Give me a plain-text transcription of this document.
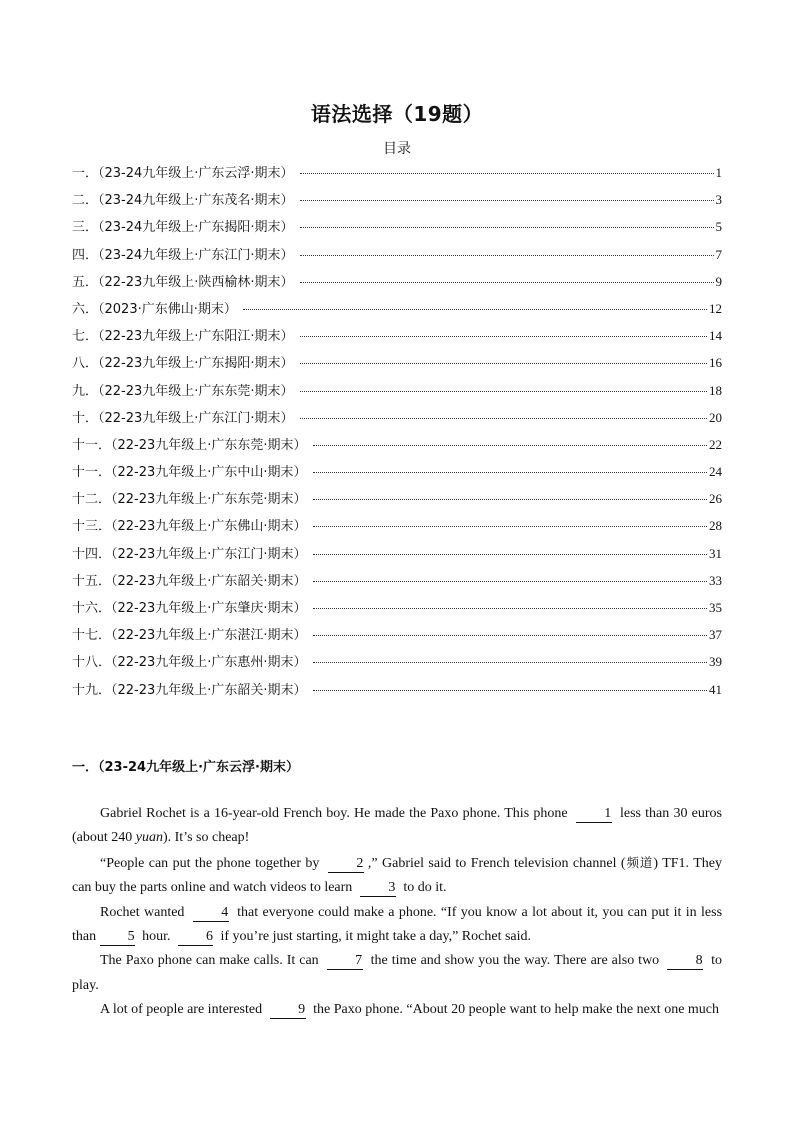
语法选择（19题）
目录
一．（23-24九年级上·广东云浮·期末）	1
二．（23-24九年级上·广东茂名·期末）	3
三．（23-24九年级上·广东揭阳·期末）	5
四．（23-24九年级上·广东江门·期末）	7
五．（22-23九年级上·陕西榆林·期末）	9
六．（2023·广东佛山·期末）	12
七．（22-23九年级上·广东阳江·期末）	14
八．（22-23九年级上·广东揭阳·期末）	16
九．（22-23九年级上·广东东莞·期末）	18
十．（22-23九年级上·广东江门·期末）	20
十一．（22-23九年级上·广东东莞·期末）	22
十一．（22-23九年级上·广东中山·期末）	24
十二．（22-23九年级上·广东东莞·期末）	26
十三．（22-23九年级上·广东佛山·期末）	28
十四．（22-23九年级上·广东江门·期末）	31
十五．（22-23九年级上·广东韶关·期末）	33
十六．（22-23九年级上·广东肇庆·期末）	35
十七．（22-23九年级上·广东湛江·期末）	37
十八．（22-23九年级上·广东惠州·期末）	39
十九．（22-23九年级上·广东韶关·期末）	41
一．（23-24九年级上·广东云浮·期末）

Gabriel Rochet is a 16-year-old French boy. He made the Paxo phone. This phone	1 less than 30 euros (about 240 yuan). It’s so cheap!

“People can put the phone together by	2 ,” Gabriel said to French television channel (频道) TF1. They can buy the parts online and watch videos to learn	3 to do it.

Rochet wanted	4 that everyone could make a phone. “If you know a lot about it, you can put it in less than 5 hour.	6 if you’re just starting, it might take a day,” Rochet said.

The Paxo phone can make calls. It can	7 the time and show you the way. There are also two	8 to play.

A lot of people are interested	9 the Paxo phone. “About 20 people want to help make the next one much
